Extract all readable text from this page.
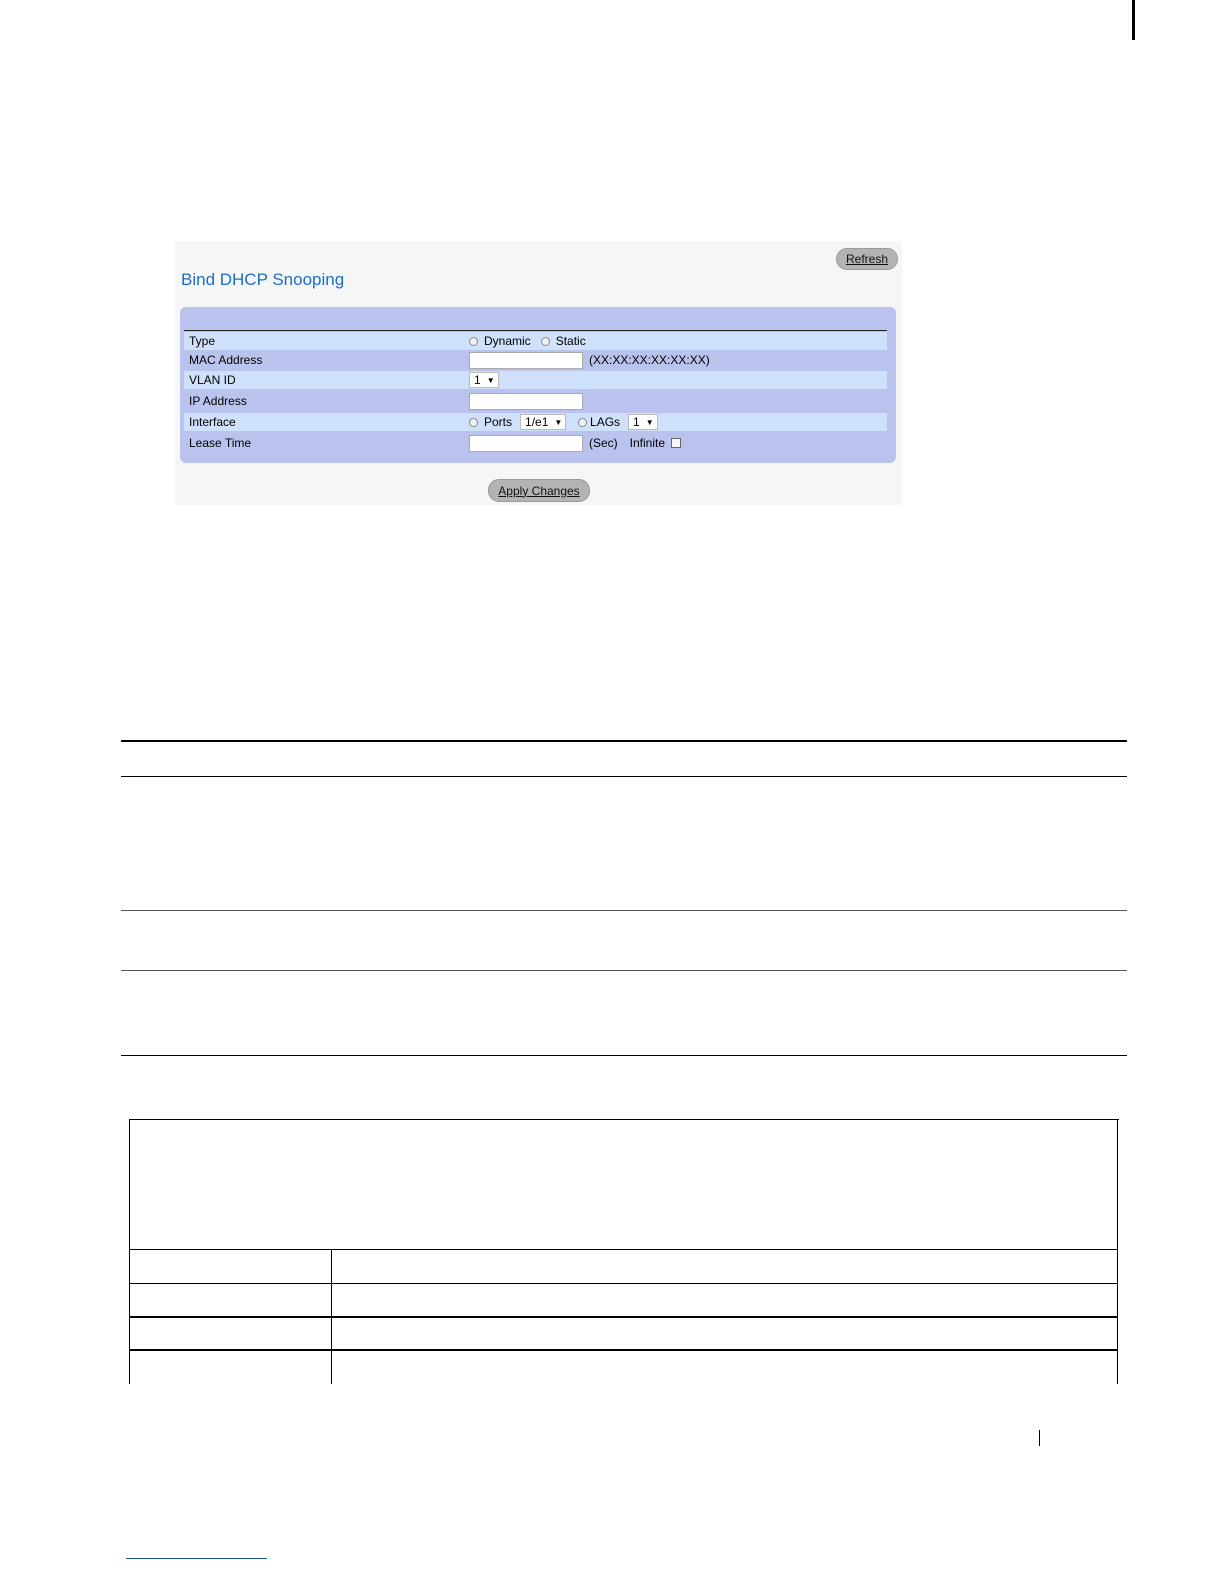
Refresh
Bind DHCP Snooping
Type	Dynamic Static
MAC Address	(XX:XX:XX:XX:XX:XX)
VLAN ID	1 ▼
IP Address
Interface	Ports 1/e1 ▼ LAGs 1 ▼
Lease Time	(Sec) Infinite
Apply Changes
